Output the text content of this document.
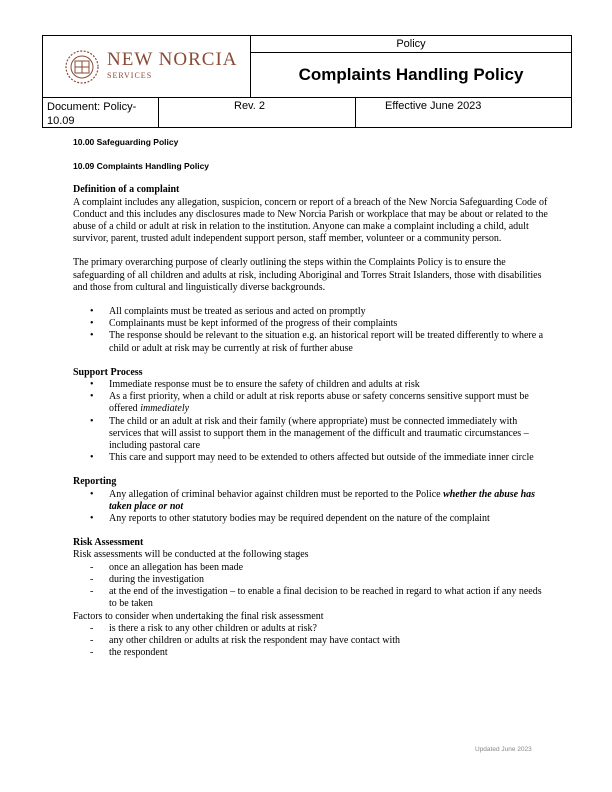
NEW NORCIA
SERVICES
Policy
Complaints Handling Policy
Document: Policy-10.09
Rev. 2	Effective June 2023

10.00 Safeguarding Policy

10.09 Complaints Handling Policy

Definition of a complaint

A complaint includes any allegation, suspicion, concern or report of a breach of the New Norcia Safeguarding Code of Conduct and this includes any disclosures made to New Norcia Parish or workplace that may be about or related to the abuse of a child or adult at risk in relation to the institution. Anyone can make a complaint including a child, adult survivor, parent, trusted adult independent support person, staff member, volunteer or a community person.

The primary overarching purpose of clearly outlining the steps within the Complaints Policy is to ensure the safeguarding of all children and adults at risk, including Aboriginal and Torres Strait Islanders, those with disabilities and those from cultural and linguistically diverse backgrounds.

• All complaints must be treated as serious and acted on promptly
• Complainants must be kept informed of the progress of their complaints
• The response should be relevant to the situation e.g. an historical report will be treated differently to where a child or adult at risk may be currently at risk of further abuse

Support Process

• Immediate response must be to ensure the safety of children and adults at risk
• As a first priority, when a child or adult at risk reports abuse or safety concerns sensitive support must be offered immediately
• The child or an adult at risk and their family (where appropriate) must be connected immediately with services that will assist to support them in the management of the difficult and traumatic circumstances – including pastoral care
• This care and support may need to be extended to others affected but outside of the immediate inner circle

Reporting

• Any allegation of criminal behavior against children must be reported to the Police whether the abuse has taken place or not
• Any reports to other statutory bodies may be required dependent on the nature of the complaint

Risk Assessment

Risk assessments will be conducted at the following stages

- once an allegation has been made
- during the investigation
- at the end of the investigation – to enable a final decision to be reached in regard to what action if any needs to be taken

Factors to consider when undertaking the final risk assessment

- is there a risk to any other children or adults at risk?
- any other children or adults at risk the respondent may have contact with
- the respondent
Updated June 2023
